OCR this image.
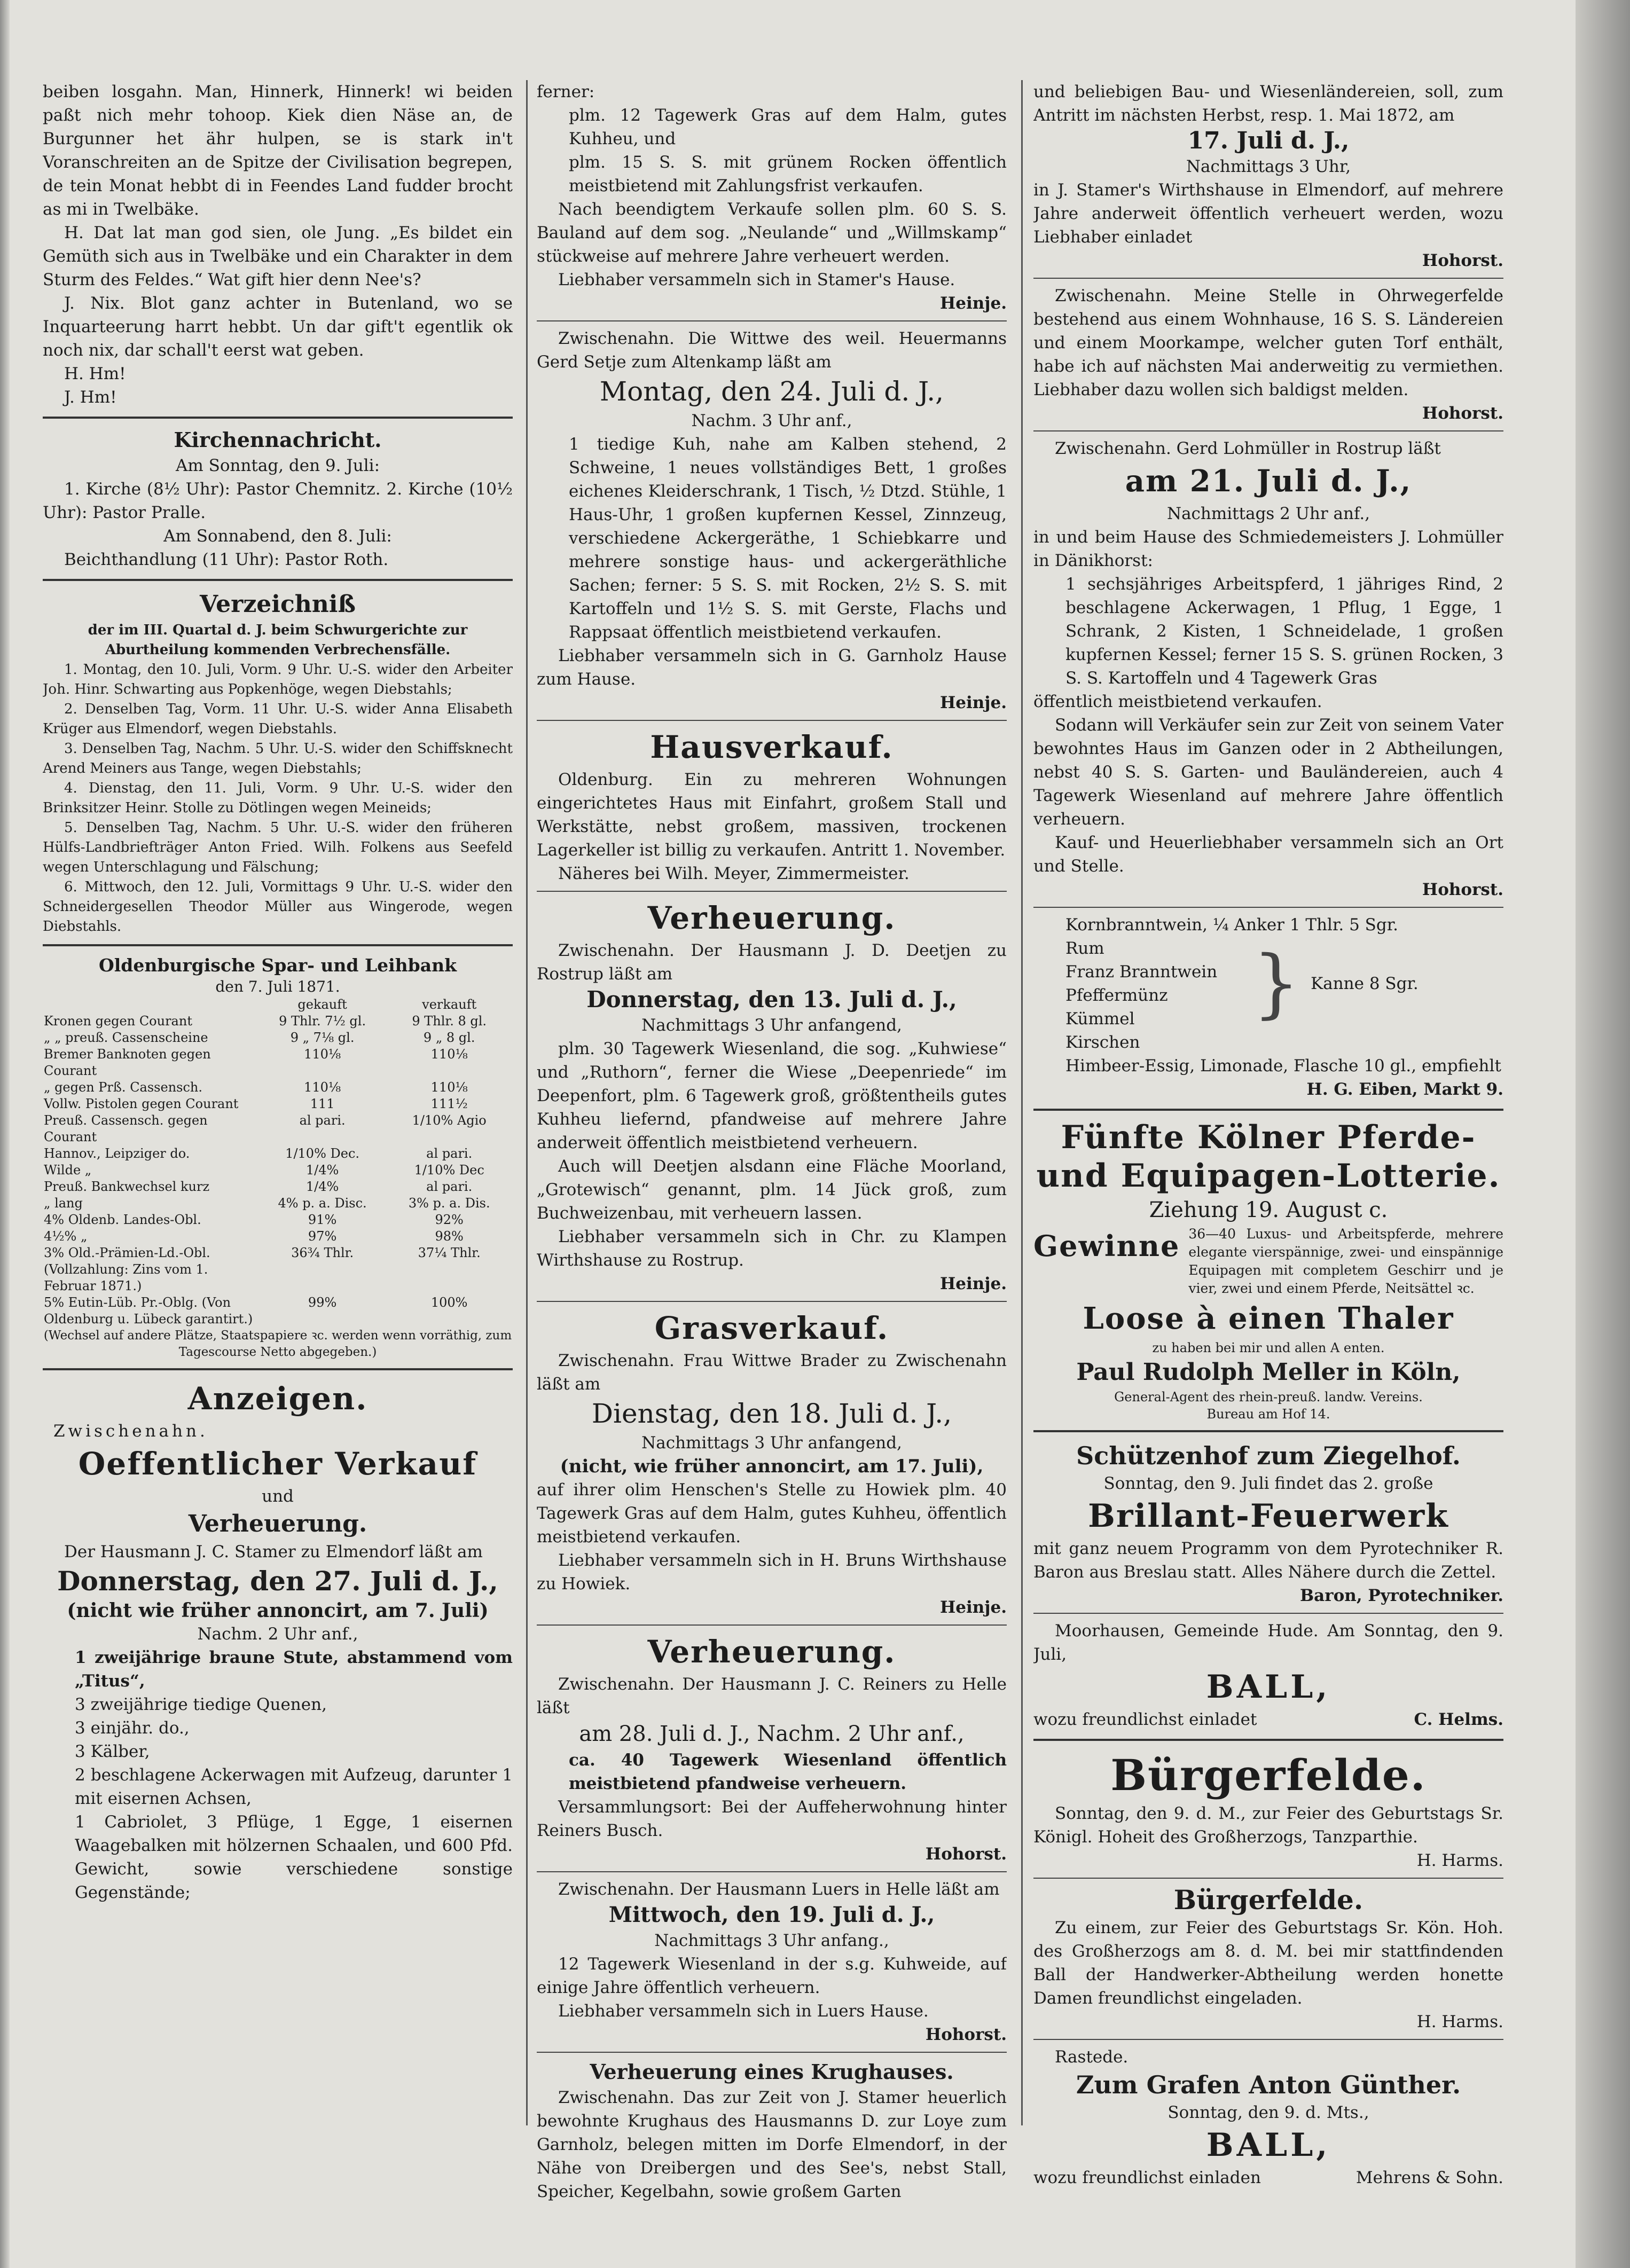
beiben losgahn. Man, Hinnerk, Hinnerk! wi beiden paßt nich mehr tohoop. Kiek dien Näse an, de Burgunner het ähr hulpen, se is stark in't Voranschreiten an de Spitze der Civilisation begrepen, de tein Monat hebbt di in Feendes Land fudder brocht as mi in Twelbäke.

H. Dat lat man god sien, ole Jung. „Es bildet ein Gemüth sich aus in Twelbäke und ein Charakter in dem Sturm des Feldes.“ Wat gift hier denn Nee's?

J. Nix. Blot ganz achter in Butenland, wo se Inquarteerung harrt hebbt. Un dar gift't egentlik ok noch nix, dar schall't eerst wat geben.

H. Hm!

J. Hm!

Kirchennachricht.

Am Sonntag, den 9. Juli:

1. Kirche (8½ Uhr): Pastor Chemnitz. 2. Kirche (10½ Uhr): Pastor Pralle.

Am Sonnabend, den 8. Juli:

Beichthandlung (11 Uhr): Pastor Roth.

Verzeichniß

der im III. Quartal d. J. beim Schwurgerichte zur Aburtheilung kommenden Verbrechensfälle.

1. Montag, den 10. Juli, Vorm. 9 Uhr. U.-S. wider den Arbeiter Joh. Hinr. Schwarting aus Popkenhöge, wegen Diebstahls;

2. Denselben Tag, Vorm. 11 Uhr. U.-S. wider Anna Elisabeth Krüger aus Elmendorf, wegen Diebstahls.

3. Denselben Tag, Nachm. 5 Uhr. U.-S. wider den Schiffsknecht Arend Meiners aus Tange, wegen Diebstahls;

4. Dienstag, den 11. Juli, Vorm. 9 Uhr. U.-S. wider den Brinksitzer Heinr. Stolle zu Dötlingen wegen Meineids;

5. Denselben Tag, Nachm. 5 Uhr. U.-S. wider den früheren Hülfs-Landbriefträger Anton Fried. Wilh. Folkens aus Seefeld wegen Unterschlagung und Fälschung;

6. Mittwoch, den 12. Juli, Vormittags 9 Uhr. U.-S. wider den Schneidergesellen Theodor Müller aus Wingerode, wegen Diebstahls.

Oldenburgische Spar- und Leihbank

den 7. Juli 1871.

	gekauft	verkauft
Kronen gegen Courant	9 Thlr. 7½ gl.	9 Thlr. 8 gl.
„ „ preuß. Cassenscheine	9 „ 7⅛ gl.	9 „ 8 gl.
Bremer Banknoten gegen Courant	110⅛	110⅛
„ gegen Prß. Cassensch.	110⅛	110⅛
Vollw. Pistolen gegen Courant	111	111½
Preuß. Cassensch. gegen Courant	al pari.	1/10% Agio
Hannov., Leipziger do.	1/10% Dec.	al pari.
Wilde „	1/4%	1/10% Dec
Preuß. Bankwechsel kurz	1/4%	al pari.
„ lang	4% p. a. Disc.	3% p. a. Dis.
4% Oldenb. Landes-Obl.	91%	92%
4½% „	97%	98%
3% Old.-Prämien-Ld.-Obl.	36¾ Thlr.	37¼ Thlr.
(Vollzahlung: Zins vom 1. Februar 1871.)		
5% Eutin-Lüb. Pr.-Oblg. (Von Oldenburg u. Lübeck garantirt.)	99%	100%

(Wechsel auf andere Plätze, Staatspapiere ꝛc. werden wenn vorräthig, zum Tagescourse Netto abgegeben.)

Anzeigen.

Zwischenahn.

Oeffentlicher Verkauf

und

Verheuerung.

Der Hausmann J. C. Stamer zu Elmendorf läßt am

Donnerstag, den 27. Juli d. J.,

(nicht wie früher annoncirt, am 7. Juli)

Nachm. 2 Uhr anf.,

1 zweijährige braune Stute, abstammend vom „Titus“,

3 zweijährige tiedige Quenen,

3 einjähr. do.,

3 Kälber,

2 beschlagene Ackerwagen mit Aufzeug, darunter 1 mit eisernen Achsen,

1 Cabriolet, 3 Pflüge, 1 Egge, 1 eisernen Waagebalken mit hölzernen Schaalen, und 600 Pfd. Gewicht, sowie verschiedene sonstige Gegenstände;

ferner:

plm. 12 Tagewerk Gras auf dem Halm, gutes Kuhheu, und

plm. 15 S. S. mit grünem Rocken öffentlich meistbietend mit Zahlungsfrist verkaufen.

Nach beendigtem Verkaufe sollen plm. 60 S. S. Bauland auf dem sog. „Neulande“ und „Willmskamp“ stückweise auf mehrere Jahre verheuert werden.

Liebhaber versammeln sich in Stamer's Hause.

Heinje.

Zwischenahn. Die Wittwe des weil. Heuermanns Gerd Setje zum Altenkamp läßt am

Montag, den 24. Juli d. J.,

Nachm. 3 Uhr anf.,

1 tiedige Kuh, nahe am Kalben stehend, 2 Schweine, 1 neues vollständiges Bett, 1 großes eichenes Kleiderschrank, 1 Tisch, ½ Dtzd. Stühle, 1 Haus-Uhr, 1 großen kupfernen Kessel, Zinnzeug, verschiedene Ackergeräthe, 1 Schiebkarre und mehrere sonstige haus- und ackergeräthliche Sachen; ferner: 5 S. S. mit Rocken, 2½ S. S. mit Kartoffeln und 1½ S. S. mit Gerste, Flachs und Rappsaat öffentlich meistbietend verkaufen.

Liebhaber versammeln sich in G. Garnholz Hause zum Hause.

Heinje.

Hausverkauf.

Oldenburg. Ein zu mehreren Wohnungen eingerichtetes Haus mit Einfahrt, großem Stall und Werkstätte, nebst großem, massiven, trockenen Lagerkeller ist billig zu verkaufen. Antritt 1. November.

Näheres bei Wilh. Meyer, Zimmermeister.

Verheuerung.

Zwischenahn. Der Hausmann J. D. Deetjen zu Rostrup läßt am

Donnerstag, den 13. Juli d. J.,

Nachmittags 3 Uhr anfangend,

plm. 30 Tagewerk Wiesenland, die sog. „Kuhwiese“ und „Ruthorn“, ferner die Wiese „Deepenriede“ im Deepenfort, plm. 6 Tagewerk groß, größtentheils gutes Kuhheu liefernd, pfandweise auf mehrere Jahre anderweit öffentlich meistbietend verheuern.

Auch will Deetjen alsdann eine Fläche Moorland, „Grotewisch“ genannt, plm. 14 Jück groß, zum Buchweizenbau, mit verheuern lassen.

Liebhaber versammeln sich in Chr. zu Klampen Wirthshause zu Rostrup.

Heinje.

Grasverkauf.

Zwischenahn. Frau Wittwe Brader zu Zwischenahn läßt am

Dienstag, den 18. Juli d. J.,

Nachmittags 3 Uhr anfangend,

(nicht, wie früher annoncirt, am 17. Juli),

auf ihrer olim Henschen's Stelle zu Howiek plm. 40 Tagewerk Gras auf dem Halm, gutes Kuhheu, öffentlich meistbietend verkaufen.

Liebhaber versammeln sich in H. Bruns Wirthshause zu Howiek.

Heinje.

Verheuerung.

Zwischenahn. Der Hausmann J. C. Reiners zu Helle läßt

am 28. Juli d. J., Nachm. 2 Uhr anf.,

ca. 40 Tagewerk Wiesenland öffentlich meistbietend pfandweise verheuern.

Versammlungsort: Bei der Auffeherwohnung hinter Reiners Busch.

Hohorst.

Zwischenahn. Der Hausmann Luers in Helle läßt am

Mittwoch, den 19. Juli d. J.,

Nachmittags 3 Uhr anfang.,

12 Tagewerk Wiesenland in der s.g. Kuhweide, auf einige Jahre öffentlich verheuern.

Liebhaber versammeln sich in Luers Hause.

Hohorst.

Verheuerung eines Krughauses.

Zwischenahn. Das zur Zeit von J. Stamer heuerlich bewohnte Krughaus des Hausmanns D. zur Loye zum Garnholz, belegen mitten im Dorfe Elmendorf, in der Nähe von Dreibergen und des See's, nebst Stall, Speicher, Kegelbahn, sowie großem Garten

und beliebigen Bau- und Wiesenländereien, soll, zum Antritt im nächsten Herbst, resp. 1. Mai 1872, am

17. Juli d. J.,

Nachmittags 3 Uhr,

in J. Stamer's Wirthshause in Elmendorf, auf mehrere Jahre anderweit öffentlich verheuert werden, wozu Liebhaber einladet

Hohorst.

Zwischenahn. Meine Stelle in Ohrwegerfelde bestehend aus einem Wohnhause, 16 S. S. Ländereien und einem Moorkampe, welcher guten Torf enthält, habe ich auf nächsten Mai anderweitig zu vermiethen. Liebhaber dazu wollen sich baldigst melden.

Hohorst.

Zwischenahn. Gerd Lohmüller in Rostrup läßt

am 21. Juli d. J.,

Nachmittags 2 Uhr anf.,

in und beim Hause des Schmiedemeisters J. Lohmüller in Dänikhorst:

1 sechsjähriges Arbeitspferd, 1 jähriges Rind, 2 beschlagene Ackerwagen, 1 Pflug, 1 Egge, 1 Schrank, 2 Kisten, 1 Schneidelade, 1 großen kupfernen Kessel; ferner 15 S. S. grünen Rocken, 3 S. S. Kartoffeln und 4 Tagewerk Gras

öffentlich meistbietend verkaufen.

Sodann will Verkäufer sein zur Zeit von seinem Vater bewohntes Haus im Ganzen oder in 2 Abtheilungen, nebst 40 S. S. Garten- und Bauländereien, auch 4 Tagewerk Wiesenland auf mehrere Jahre öffentlich verheuern.

Kauf- und Heuerliebhaber versammeln sich an Ort und Stelle.

Hohorst.

Kornbranntwein, ¼ Anker 1 Thlr. 5 Sgr.

Rum

Franz Branntwein

Pfeffermünz

Kümmel	} Kanne 8 Sgr.

Kirschen

Himbeer-Essig, Limonade, Flasche 10 gl., empfiehlt

H. G. Eiben, Markt 9.

Fünfte Kölner Pferde-

und Equipagen-Lotterie.

Ziehung 19. August c.

Gewinne 36—40 Luxus- und Arbeitspferde, mehrere elegante vierspännige, zwei- und einspännige Equipagen mit completem Geschirr und je vier, zwei und einem Pferde, Neitsättel ꝛc.

Loose à einen Thaler

zu haben bei mir und allen A enten.

Paul Rudolph Meller in Köln,

General-Agent des rhein-preuß. landw. Vereins.

Bureau am Hof 14.

Schützenhof zum Ziegelhof.

Sonntag, den 9. Juli findet das 2. große

Brillant-Feuerwerk

mit ganz neuem Programm von dem Pyrotechniker R. Baron aus Breslau statt. Alles Nähere durch die Zettel.

Baron, Pyrotechniker.

Moorhausen, Gemeinde Hude. Am Sonntag, den 9. Juli,

BALL,

wozu freundlichst einladet	C. Helms.

Bürgerfelde.

Sonntag, den 9. d. M., zur Feier des Geburtstags Sr. Königl. Hoheit des Großherzogs, Tanzparthie.

H. Harms.

Bürgerfelde.

Zu einem, zur Feier des Geburtstags Sr. Kön. Hoh. des Großherzogs am 8. d. M. bei mir stattfindenden Ball der Handwerker-Abtheilung werden honette Damen freundlichst eingeladen.

H. Harms.

Rastede.

Zum Grafen Anton Günther.

Sonntag, den 9. d. Mts.,

BALL,

wozu freundlichst einladen	Mehrens & Sohn.
